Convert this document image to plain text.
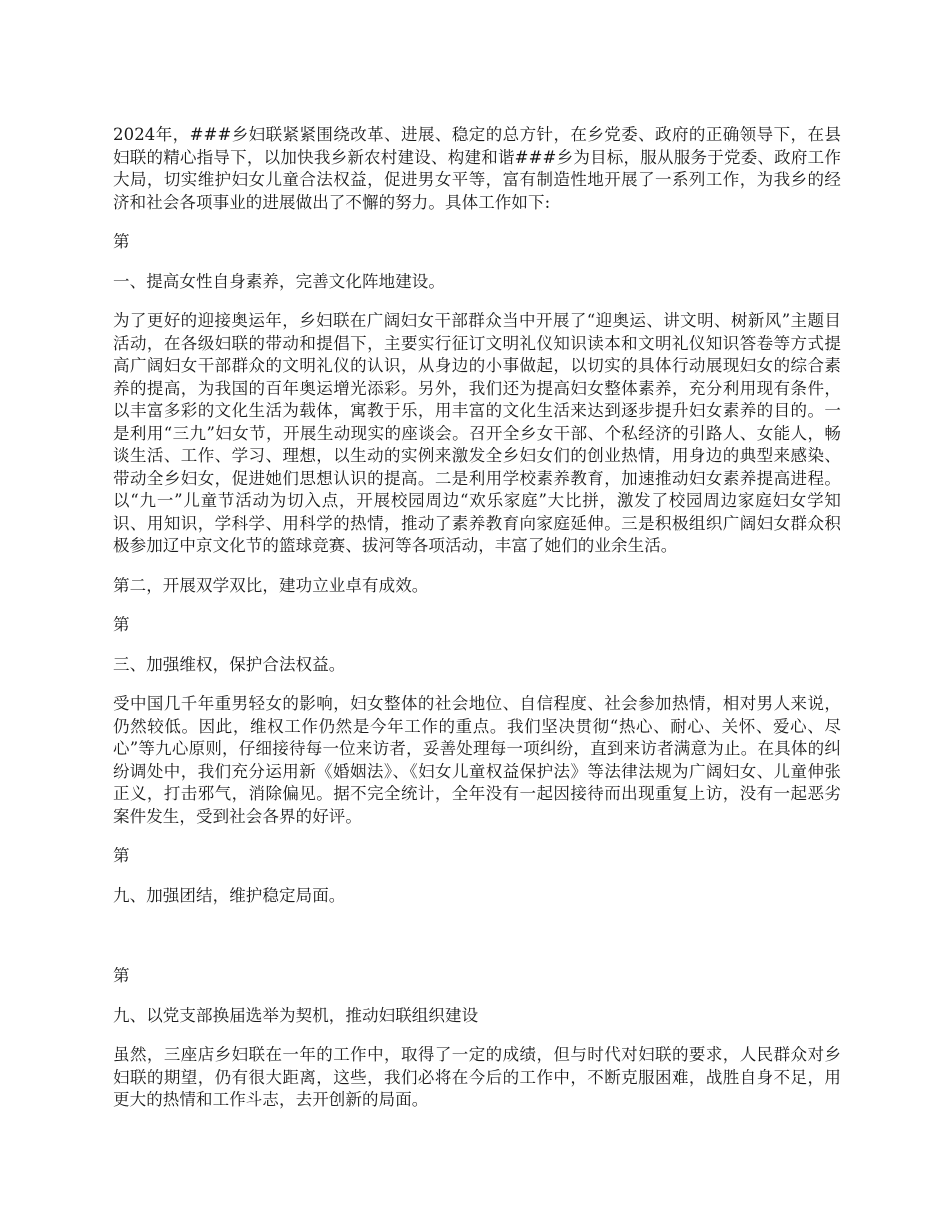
2024年，###乡妇联紧紧围绕改革、进展、稳定的总方针，在乡党委、政府的正确领导下，在县妇联的精心指导下，以加快我乡新农村建设、构建和谐###乡为目标，服从服务于党委、政府工作大局，切实维护妇女儿童合法权益，促进男女平等，富有制造性地开展了一系列工作，为我乡的经济和社会各项事业的进展做出了不懈的努力。具体工作如下:

第

一、提高女性自身素养，完善文化阵地建设。

为了更好的迎接奥运年，乡妇联在广阔妇女干部群众当中开展了“迎奥运、讲文明、树新风”主题目活动，在各级妇联的带动和提倡下，主要实行征订文明礼仪知识读本和文明礼仪知识答卷等方式提高广阔妇女干部群众的文明礼仪的认识，从身边的小事做起，以切实的具体行动展现妇女的综合素养的提高，为我国的百年奥运增光添彩。另外，我们还为提高妇女整体素养，充分利用现有条件，以丰富多彩的文化生活为载体，寓教于乐，用丰富的文化生活来达到逐步提升妇女素养的目的。一是利用“三九”妇女节，开展生动现实的座谈会。召开全乡女干部、个私经济的引路人、女能人，畅谈生活、工作、学习、理想，以生动的实例来激发全乡妇女们的创业热情，用身边的典型来感染、带动全乡妇女，促进她们思想认识的提高。二是利用学校素养教育，加速推动妇女素养提高进程。以“九一”儿童节活动为切入点，开展校园周边“欢乐家庭”大比拼，激发了校园周边家庭妇女学知识、用知识，学科学、用科学的热情，推动了素养教育向家庭延伸。三是积极组织广阔妇女群众积极参加辽中京文化节的篮球竞赛、拔河等各项活动，丰富了她们的业余生活。

第二，开展双学双比，建功立业卓有成效。

第

三、加强维权，保护合法权益。

受中国几千年重男轻女的影响，妇女整体的社会地位、自信程度、社会参加热情，相对男人来说，仍然较低。因此，维权工作仍然是今年工作的重点。我们坚决贯彻“热心、耐心、关怀、爱心、尽心”等九心原则，仔细接待每一位来访者，妥善处理每一项纠纷，直到来访者满意为止。在具体的纠纷调处中，我们充分运用新《婚姻法》、《妇女儿童权益保护法》等法律法规为广阔妇女、儿童伸张正义，打击邪气，消除偏见。据不完全统计，全年没有一起因接待而出现重复上访，没有一起恶劣案件发生，受到社会各界的好评。

第

九、加强团结，维护稳定局面。

第

九、以党支部换届选举为契机，推动妇联组织建设

虽然，三座店乡妇联在一年的工作中，取得了一定的成绩，但与时代对妇联的要求，人民群众对乡妇联的期望，仍有很大距离，这些，我们必将在今后的工作中，不断克服困难，战胜自身不足，用更大的热情和工作斗志，去开创新的局面。
